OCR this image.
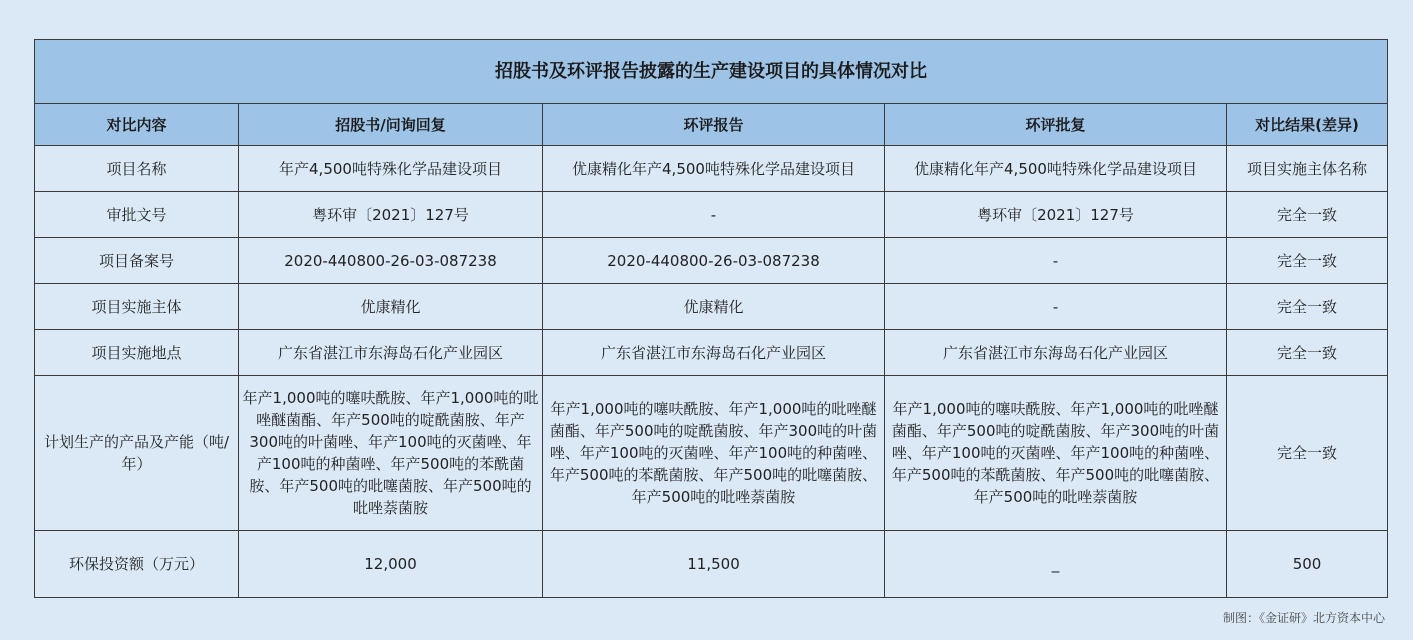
招股书及环评报告披露的生产建设项目的具体情况对比				
对比内容	招股书/问询回复	环评报告	环评批复	对比结果(差异)
项目名称	年产4,500吨特殊化学品建设项目	优康精化年产4,500吨特殊化学品建设项目	优康精化年产4,500吨特殊化学品建设项目	项目实施主体名称
审批文号	粤环审〔2021〕127号	-	粤环审〔2021〕127号	完全一致
项目备案号	2020-440800-26-03-087238	2020-440800-26-03-087238	-	完全一致
项目实施主体	优康精化	优康精化	-	完全一致
项目实施地点	广东省湛江市东海岛石化产业园区	广东省湛江市东海岛石化产业园区	广东省湛江市东海岛石化产业园区	完全一致
计划生产的产品及产能（吨/年）	年产1,000吨的噻呋酰胺、年产1,000吨的吡唑醚菌酯、年产500吨的啶酰菌胺、年产300吨的叶菌唑、年产100吨的灭菌唑、年产100吨的种菌唑、年产500吨的苯酰菌胺、年产500吨的吡噻菌胺、年产500吨的吡唑萘菌胺	年产1,000吨的噻呋酰胺、年产1,000吨的吡唑醚菌酯、年产500吨的啶酰菌胺、年产300吨的叶菌唑、年产100吨的灭菌唑、年产100吨的种菌唑、年产500吨的苯酰菌胺、年产500吨的吡噻菌胺、年产500吨的吡唑萘菌胺	年产1,000吨的噻呋酰胺、年产1,000吨的吡唑醚菌酯、年产500吨的啶酰菌胺、年产300吨的叶菌唑、年产100吨的灭菌唑、年产100吨的种菌唑、年产500吨的苯酰菌胺、年产500吨的吡噻菌胺、年产500吨的吡唑萘菌胺	完全一致
环保投资额（万元）	12,000	11,500	_	500
制图：《金证研》北方资本中心
